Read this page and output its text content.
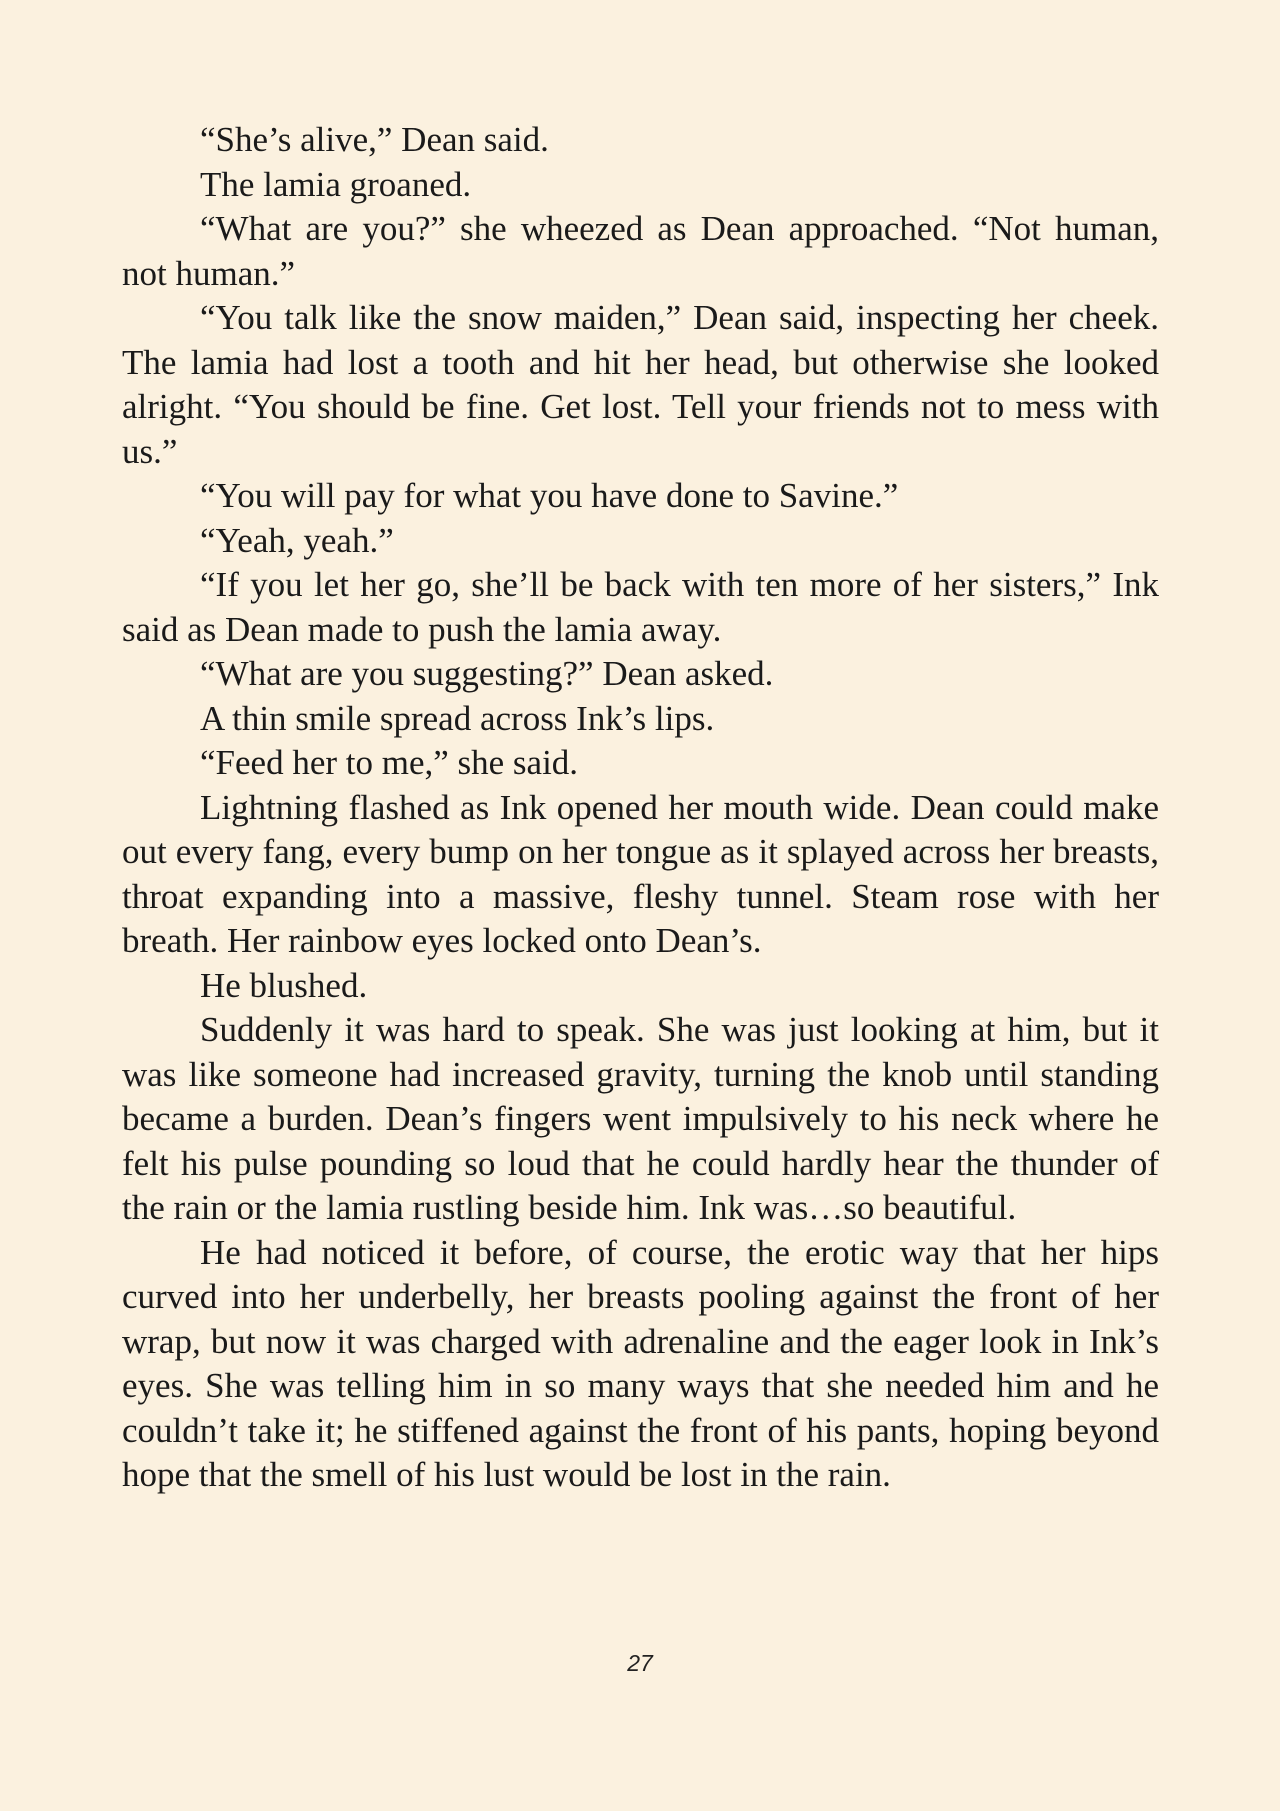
“She’s alive,” Dean said.

The lamia groaned.

“What are you?” she wheezed as Dean approached. “Not human, not human.”

“You talk like the snow maiden,” Dean said, inspecting her cheek. The lamia had lost a tooth and hit her head, but otherwise she looked alright. “You should be fine. Get lost. Tell your friends not to mess with us.”

“You will pay for what you have done to Savine.”

“Yeah, yeah.”

“If you let her go, she’ll be back with ten more of her sisters,” Ink said as Dean made to push the lamia away.

“What are you suggesting?” Dean asked.

A thin smile spread across Ink’s lips.

“Feed her to me,” she said.

Lightning flashed as Ink opened her mouth wide. Dean could make out every fang, every bump on her tongue as it splayed across her breasts, throat expanding into a massive, fleshy tunnel. Steam rose with her breath. Her rainbow eyes locked onto Dean’s.

He blushed.

Suddenly it was hard to speak. She was just looking at him, but it was like someone had increased gravity, turning the knob until standing became a burden. Dean’s fingers went impulsively to his neck where he felt his pulse pounding so loud that he could hardly hear the thunder of the rain or the lamia rustling beside him. Ink was…so beautiful.

He had noticed it before, of course, the erotic way that her hips curved into her underbelly, her breasts pooling against the front of her wrap, but now it was charged with adrenaline and the eager look in Ink’s eyes. She was telling him in so many ways that she needed him and he couldn’t take it; he stiffened against the front of his pants, hoping beyond hope that the smell of his lust would be lost in the rain.

27
